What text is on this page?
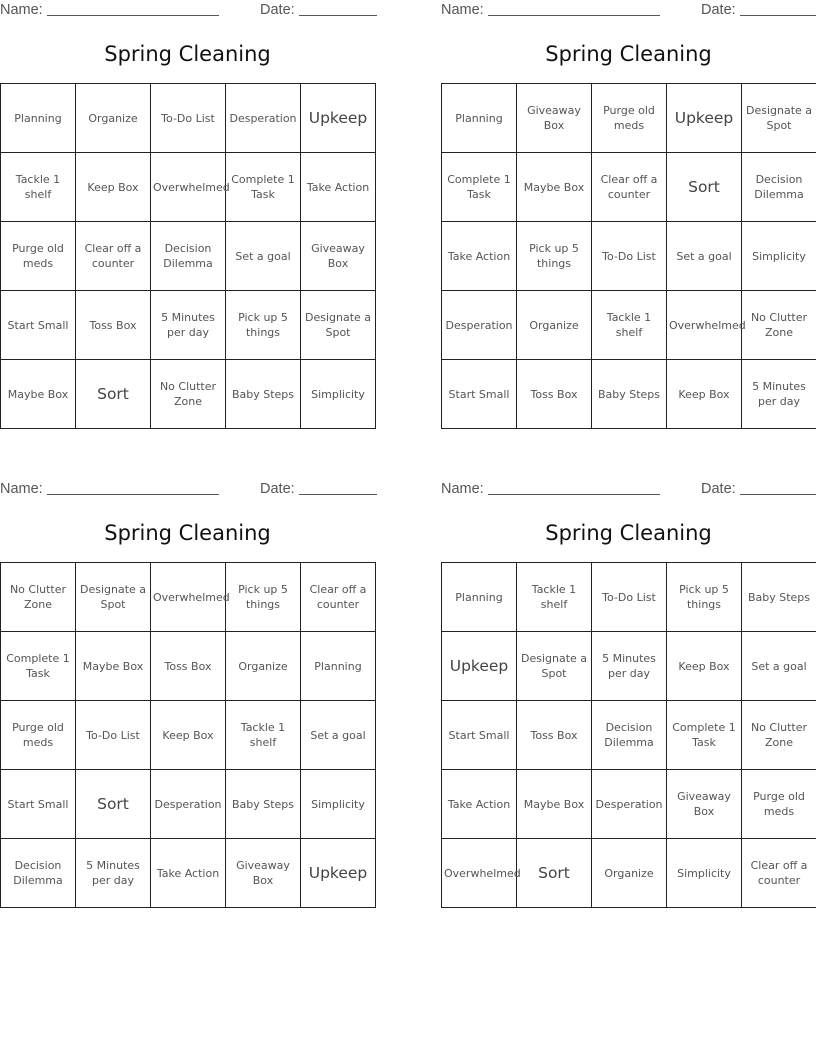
Name:	Date:
Spring Cleaning
Planning	Organize	To-Do List	Desperation	Upkeep
Tackle 1 shelf	Keep Box	Overwhelmed	Complete 1 Task	Take Action
Purge old meds	Clear off a counter	Decision Dilemma	Set a goal	Giveaway Box
Start Small	Toss Box	5 Minutes per day	Pick up 5 things	Designate a Spot
Maybe Box	Sort	No Clutter Zone	Baby Steps	Simplicity
Name:	Date:
Spring Cleaning
Planning	Giveaway Box	Purge old meds	Upkeep	Designate a Spot
Complete 1 Task	Maybe Box	Clear off a counter	Sort	Decision Dilemma
Take Action	Pick up 5 things	To-Do List	Set a goal	Simplicity
Desperation	Organize	Tackle 1 shelf	Overwhelmed	No Clutter Zone
Start Small	Toss Box	Baby Steps	Keep Box	5 Minutes per day
Name:	Date:
Spring Cleaning
No Clutter Zone	Designate a Spot	Overwhelmed	Pick up 5 things	Clear off a counter
Complete 1 Task	Maybe Box	Toss Box	Organize	Planning
Purge old meds	To-Do List	Keep Box	Tackle 1 shelf	Set a goal
Start Small	Sort	Desperation	Baby Steps	Simplicity
Decision Dilemma	5 Minutes per day	Take Action	Giveaway Box	Upkeep
Name:	Date:
Spring Cleaning
Planning	Tackle 1 shelf	To-Do List	Pick up 5 things	Baby Steps
Upkeep	Designate a Spot	5 Minutes per day	Keep Box	Set a goal
Start Small	Toss Box	Decision Dilemma	Complete 1 Task	No Clutter Zone
Take Action	Maybe Box	Desperation	Giveaway Box	Purge old meds
Overwhelmed	Sort	Organize	Simplicity	Clear off a counter
